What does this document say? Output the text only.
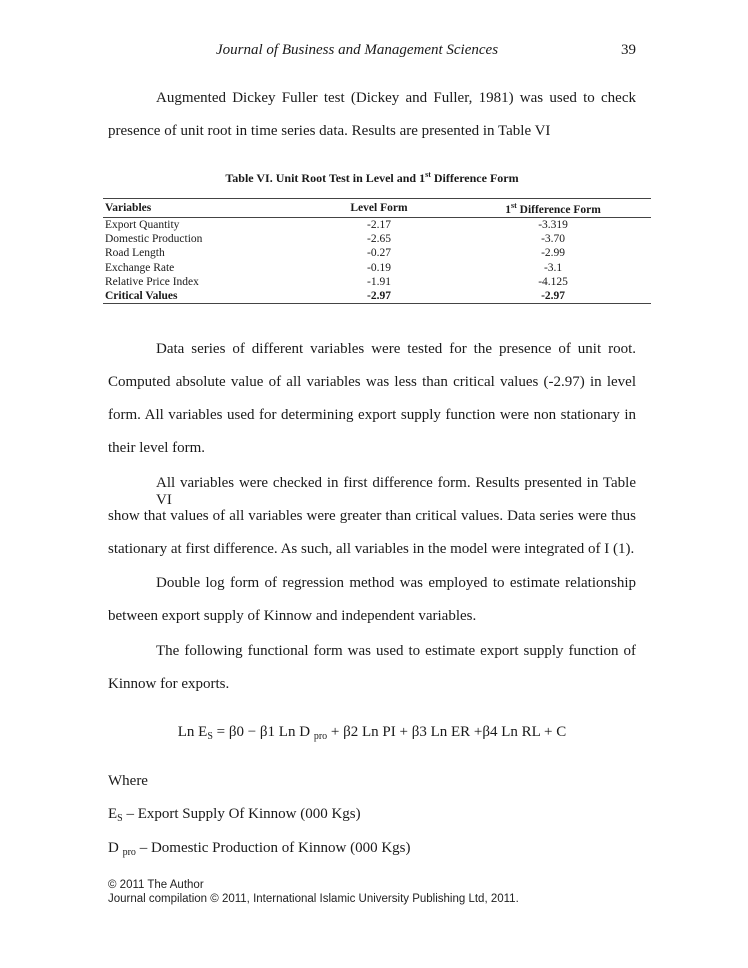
Journal of Business and Management Sciences	39

Augmented Dickey Fuller test (Dickey and Fuller, 1981) was used to check

presence of unit root in time series data. Results are presented in Table VI

Table VI. Unit Root Test in Level and 1st Difference Form
Variables	Level Form	1st Difference Form
Export Quantity	-2.17	-3.319
Domestic Production	-2.65	-3.70
Road Length	-0.27	-2.99
Exchange Rate	-0.19	-3.1
Relative Price Index	-1.91	-4.125
Critical Values	-2.97	-2.97

Data series of different variables were tested for the presence of unit root.

Computed absolute value of all variables was less than critical values (-2.97) in level

form. All variables used for determining export supply function were non stationary in

their level form.

All variables were checked in first difference form. Results presented in Table VI

show that values of all variables were greater than critical values. Data series were thus

stationary at first difference. As such, all variables in the model were integrated of I (1).

Double log form of regression method was employed to estimate relationship

between export supply of Kinnow and independent variables.

The following functional form was used to estimate export supply function of

Kinnow for exports.

Ln $E_S = \beta 0 - \beta 1$ Ln D $_{pro}$ + β2 Ln PI + β3 Ln ER +β4 Ln RL + C

Where

$E_S$ – Export Supply Of Kinnow (000 Kgs)

D $_{pro}$ – Domestic Production of Kinnow (000 Kgs)

© 2011 The Author
Journal compilation © 2011, International Islamic University Publishing Ltd, 2011.
